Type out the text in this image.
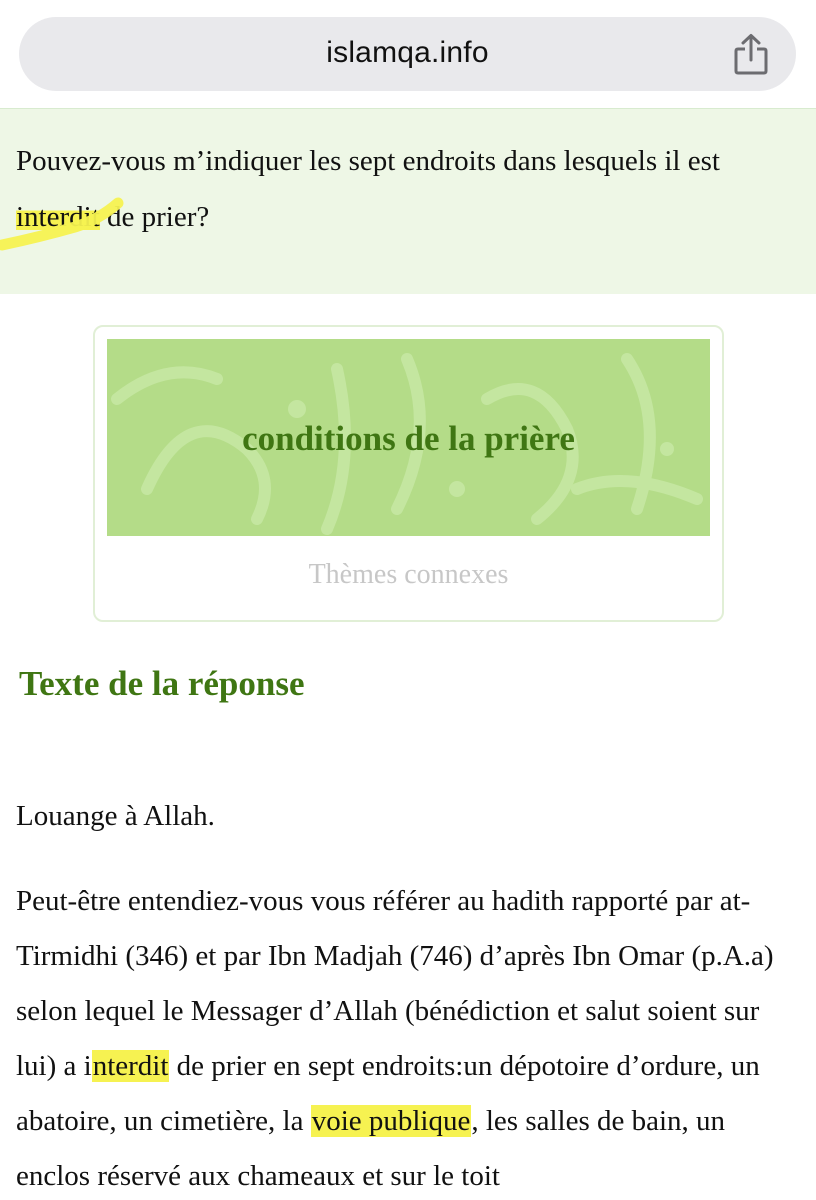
islamqa.info

Pouvez-vous m’indiquer les sept endroits dans lesquels il est interdit de prier?

conditions de la prière
Thèmes connexes
Texte de la réponse

Louange à Allah.

Peut-être entendiez-vous vous référer au hadith rapporté par at-Tirmidhi (346) et par Ibn Madjah (746) d’après Ibn Omar (p.A.a) selon lequel le Messager d’Allah (bénédiction et salut soient sur lui) a interdit de prier en sept endroits:un dépotoire d’ordure, un abatoire, un cimetière, la voie publique, les salles de bain, un enclos réservé aux chameaux et sur le toit
